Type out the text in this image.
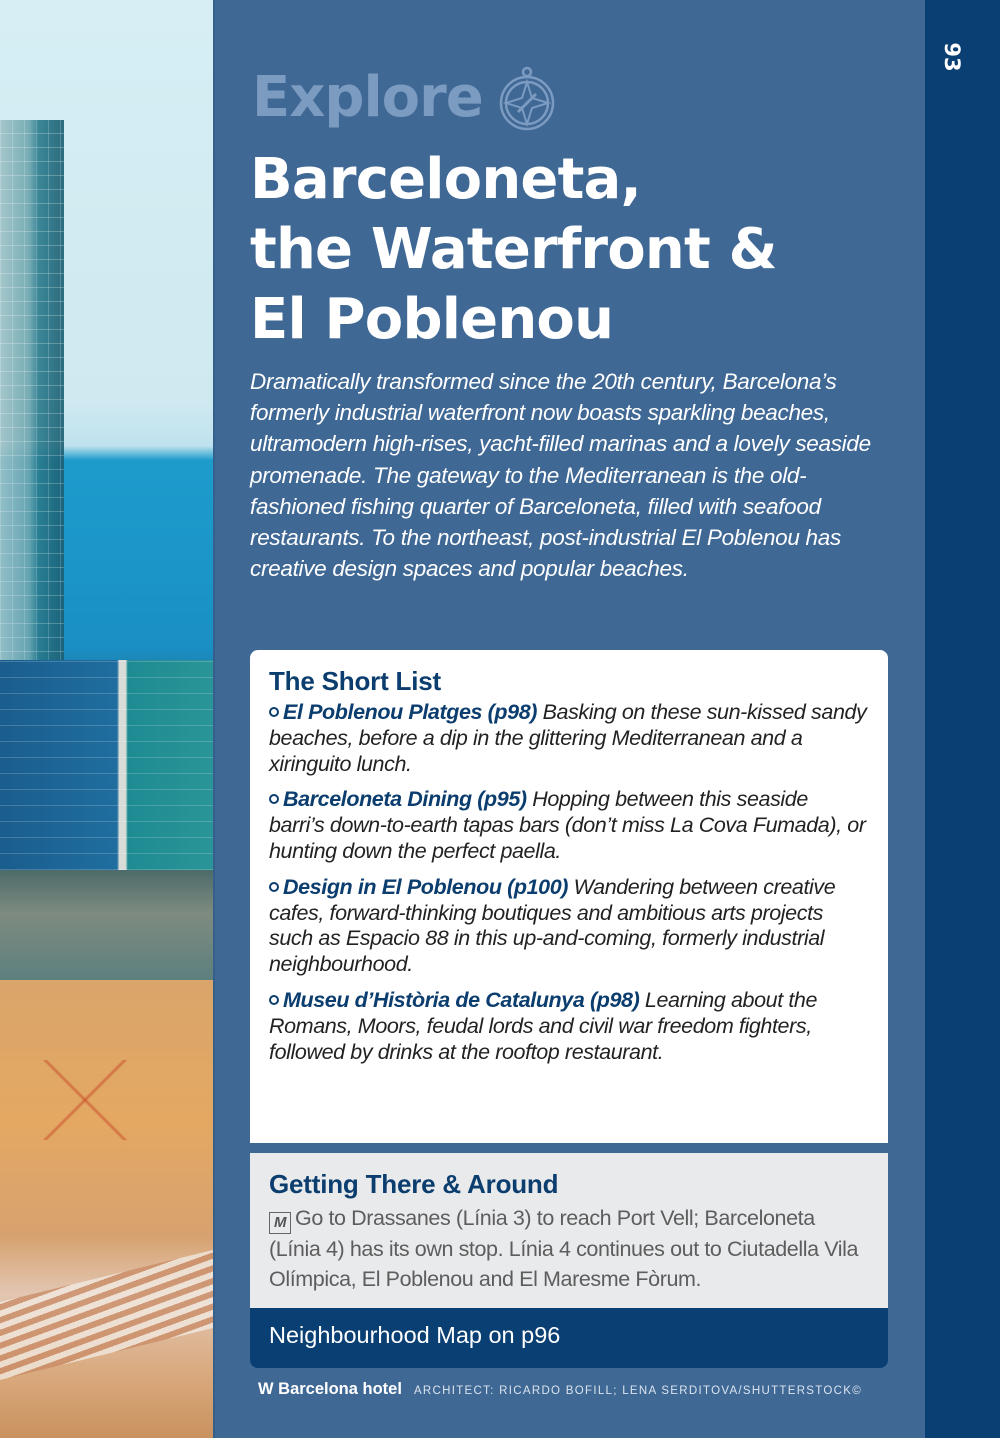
93
Explore
Barceloneta,
the Waterfront &
El Poblenou

Dramatically transformed since the 20th century, Barcelona’s formerly industrial waterfront now boasts sparkling beaches, ultramodern high-rises, yacht-filled marinas and a lovely seaside promenade. The gateway to the Mediterranean is the old-fashioned fishing quarter of Barceloneta, filled with seafood restaurants. To the northeast, post-industrial El Poblenou has creative design spaces and popular beaches.

The Short List

El Poblenou Platges (p98) Basking on these sun-kissed sandy beaches, before a dip in the glittering Mediterranean and a xiringuito lunch.

Barceloneta Dining (p95) Hopping between this seaside barri’s down-to-earth tapas bars (don’t miss La Cova Fumada), or hunting down the perfect paella.

Design in El Poblenou (p100) Wandering between creative cafes, forward-thinking boutiques and ambitious arts projects such as Espacio 88 in this up-and-coming, formerly industrial neighbourhood.

Museu d’Història de Catalunya (p98) Learning about the Romans, Moors, feudal lords and civil war freedom fighters, followed by drinks at the rooftop restaurant.

Getting There & Around

M Go to Drassanes (Línia 3) to reach Port Vell; Barceloneta (Línia 4) has its own stop. Línia 4 continues out to Ciutadella Vila Olímpica, El Poblenou and El Maresme Fòrum.

Neighbourhood Map on p96
W Barcelona hotel ARCHITECT: RICARDO BOFILL; LENA SERDITOVA/SHUTTERSTOCK©
